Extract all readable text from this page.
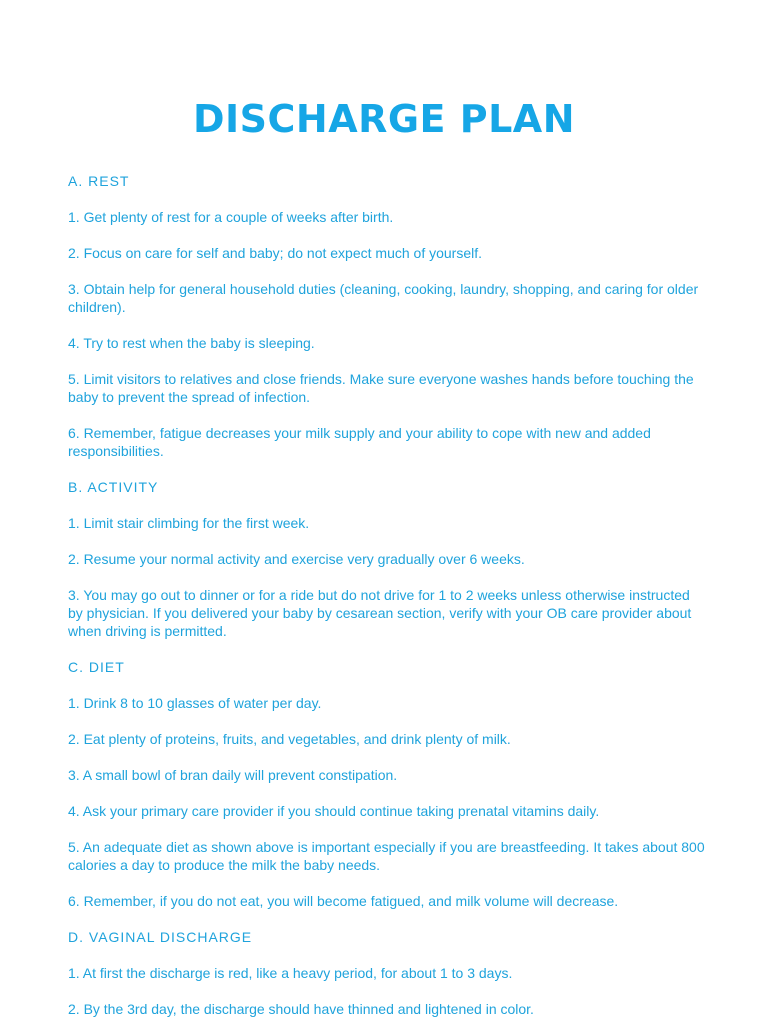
DISCHARGE PLAN

A. REST

1. Get plenty of rest for a couple of weeks after birth.

2. Focus on care for self and baby; do not expect much of yourself.

3. Obtain help for general household duties (cleaning, cooking, laundry, shopping, and caring for older children).

4. Try to rest when the baby is sleeping.

5. Limit visitors to relatives and close friends. Make sure everyone washes hands before touching the baby to prevent the spread of infection.

6. Remember, fatigue decreases your milk supply and your ability to cope with new and added responsibilities.

B. ACTIVITY

1. Limit stair climbing for the first week.

2. Resume your normal activity and exercise very gradually over 6 weeks.

3. You may go out to dinner or for a ride but do not drive for 1 to 2 weeks unless otherwise instructed by physician. If you delivered your baby by cesarean section, verify with your OB care provider about when driving is permitted.

C. DIET

1. Drink 8 to 10 glasses of water per day.

2. Eat plenty of proteins, fruits, and vegetables, and drink plenty of milk.

3. A small bowl of bran daily will prevent constipation.

4. Ask your primary care provider if you should continue taking prenatal vitamins daily.

5. An adequate diet as shown above is important especially if you are breastfeeding. It takes about 800 calories a day to produce the milk the baby needs.

6. Remember, if you do not eat, you will become fatigued, and milk volume will decrease.

D. VAGINAL DISCHARGE

1. At first the discharge is red, like a heavy period, for about 1 to 3 days.

2. By the 3rd day, the discharge should have thinned and lightened in color.
